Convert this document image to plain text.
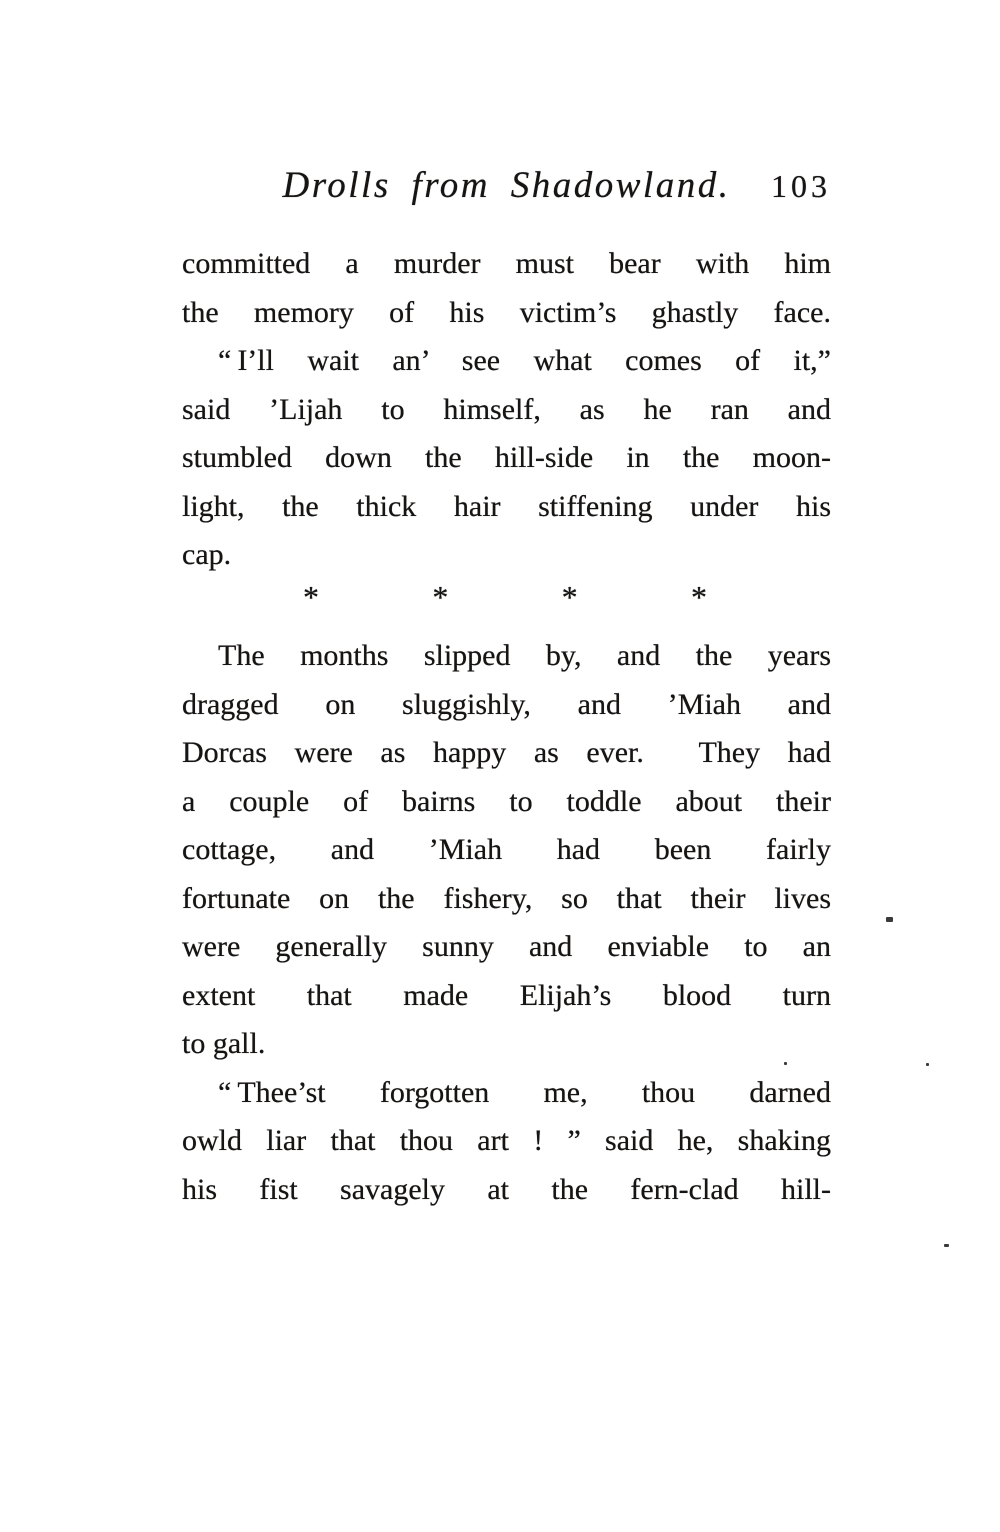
Drolls from Shadowland.	103
committed a murder must bear with him
the memory of his victim’s ghastly face.
“ I’ll wait an’ see what comes of it,”
said ’Lijah to himself, as he ran and
stumbled down the hill-side in the moon-
light, the thick hair stiffening under his
cap.
*	*	*	*
The months slipped by, and the years
dragged on sluggishly, and ’Miah and
Dorcas were as happy as ever.  They had
a couple of bairns to toddle about their
cottage, and ’Miah had been fairly
fortunate on the fishery, so that their lives
were generally sunny and enviable to an
extent that made Elijah’s blood turn
to gall.
“ Thee’st forgotten me, thou darned
owld liar that thou art ! ” said he, shaking
his fist savagely at the fern-clad hill-
